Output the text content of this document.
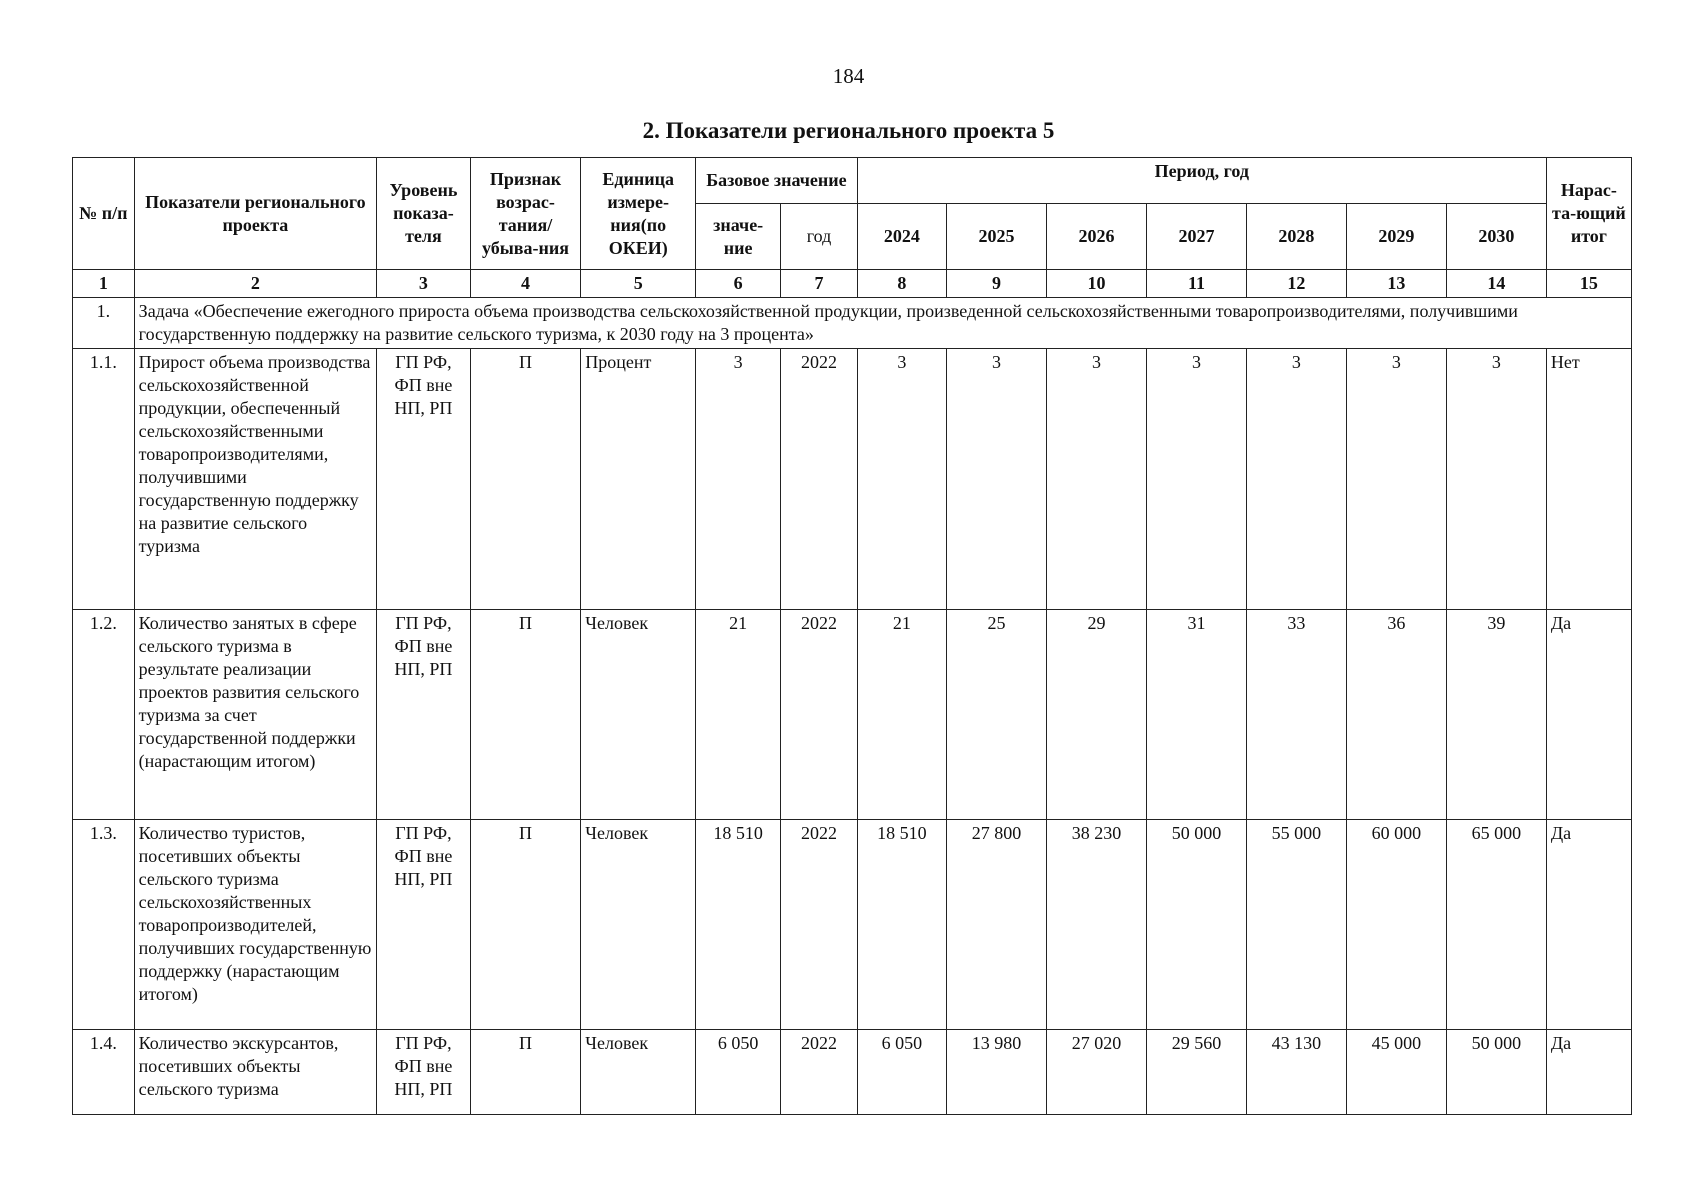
184
2. Показатели регионального проекта 5
№ п/п	Показатели регионального проекта	Уровень показа-теля	Признак возрас-тания/ убыва-ния	Единица измере-ния(по ОКЕИ)	Базовое значение		Период, год							Нарас-та-ющий итог
					значе-ние	год	2024	2025	2026	2027	2028	2029	2030	
1	2	3	4	5	6	7	8	9	10	11	12	13	14	15
1.	Задача «Обеспечение ежегодного прироста объема производства сельскохозяйственной продукции, произведенной сельскохозяйственными товаропроизводителями, получившими государственную поддержку на развитие сельского туризма, к 2030 году на 3 процента»													
1.1.	Прирост объема производства сельскохозяйственной продукции, обеспеченный сельскохозяйственными товаропроизводителями, получившими государственную поддержку на развитие сельского туризма	ГП РФ, ФП вне НП, РП	П	Процент	3	2022	3	3	3	3	3	3	3	Нет
1.2.	Количество занятых в сфере сельского туризма в результате реализации проектов развития сельского туризма за счет государственной поддержки (нарастающим итогом)	ГП РФ, ФП вне НП, РП	П	Человек	21	2022	21	25	29	31	33	36	39	Да
1.3.	Количество туристов, посетивших объекты сельского туризма сельскохозяйственных товаропроизводителей, получивших государственную поддержку (нарастающим итогом)	ГП РФ, ФП вне НП, РП	П	Человек	18 510	2022	18 510	27 800	38 230	50 000	55 000	60 000	65 000	Да
1.4.	Количество экскурсантов, посетивших объекты сельского туризма	ГП РФ, ФП вне НП, РП	П	Человек	6 050	2022	6 050	13 980	27 020	29 560	43 130	45 000	50 000	Да
